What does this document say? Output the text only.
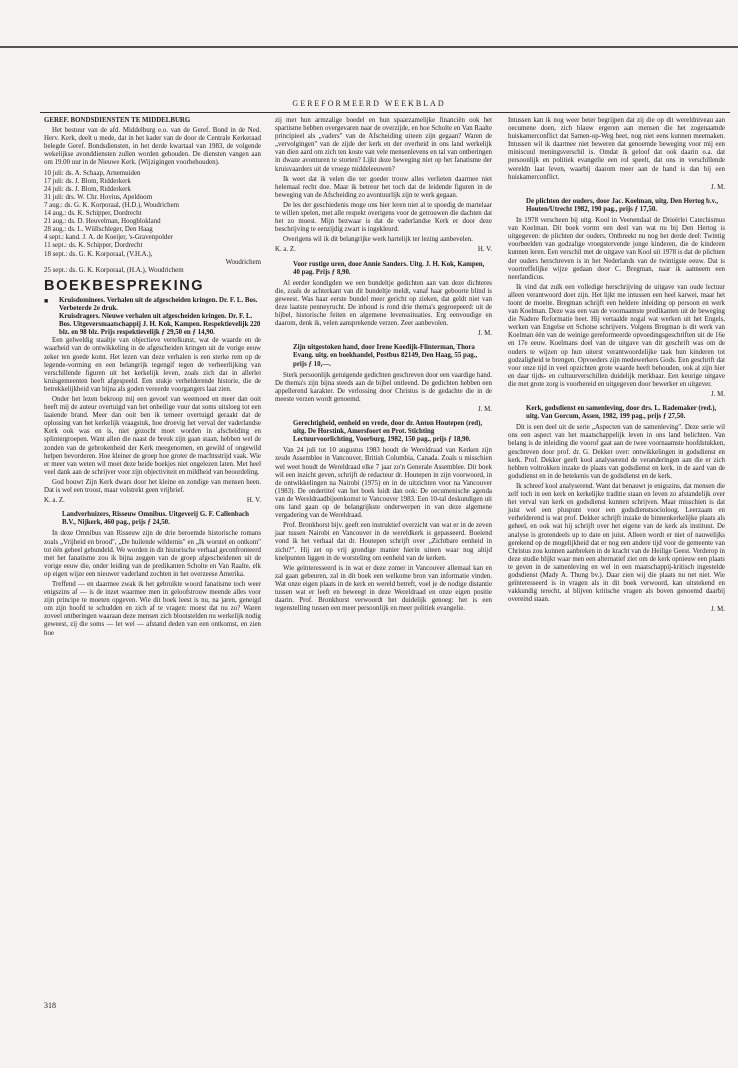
GEREFORMEERD WEEKBLAD

GEREF. BONDSDIENSTEN TE MIDDELBURG

Het bestuur van de afd. Middelburg e.o. van de Geref. Bond in de Ned. Herv. Kerk, deelt u mede, dat in het kader van de door de Centrale Kerkeraad belegde Geref. Bondsdiensten, in het derde kwartaal van 1983, de volgende wekelijkse avonddiensten zullen worden gehouden. De diensten vangen aan om 19.00 uur in de Nieuwe Kerk. (Wijzigingen voorbehouden).

10 juli: ds. A. Schaap, Arnemuiden
17 juli: ds. J. Blom, Ridderkerk
24 juli: ds. J. Blom, Ridderkerk
31 juli: drs. W. Chr. Hovius, Apeldoorn
7 aug.: ds. G. K. Korporaal, (H.D.), Woudrichem
14 aug.: ds. K. Schipper, Dordrecht
21 aug.: ds. D. Heuvelman, Hoogblokland
28 aug.: ds. L. Wüllschleger, Den Haag
4 sept.: kand. J. A. de Koeijer, 's-Gravenpolder
11 sept.: ds. K. Schipper, Dordrecht
18 sept.: ds. G. K. Korporaal, (V.H.A.),
Woudrichem
25 sept.: ds. G. K. Korporaal, (H.A.), Woudrichem
BOEKBESPREKING
■	Kruisdominees. Verhalen uit de afgescheiden kringen. Dr. F. L. Bos. Verbeterde 2e druk.

Kruisdragers. Nieuwe verhalen uit afgescheiden kringen. Dr. F. L. Bos. Uitgeversmaatschappij J. H. Kok, Kampen. Respektievelijk 220 blz. en 98 blz. Prijs respektievelijk ƒ 29,50 en ƒ 14,90.

Een gelweldig staaltje van objectieve vertelkunst, wat de waarde en de waarheid van de ontwikkeling in de afgescheiden kringen uit de vorige eeuw zeker ten goede komt. Het lezen van deze verhalen is een sterke rem op de legende-vorming en een belangrijk tegengif tegen de verheerlijking van verschillende figuren uit het kerkelijk leven, zoals zich dat in allerlei kruisgemeenten heeft afgespeeld. Een stukje verhelderende historie, die de betrekkelijkheid van bijna als goden vereerde voorgangers laat zien.

Onder het lezen bekroop mij een gevoel van weemoed en meer dan ooit heeft mij de auteur overtuigd van het onheilige vuur dat soms uitsloeg tot een laaiende brand. Meer dan ooit ben ik temeer overtuigd geraakt dat de oplossing van het kerkelijk vraagstuk, hoe droevig het verval der vaderlandse Kerk ook was en is, niet gezocht moet worden in afscheiding en splintergroepen. Want allen die naast de breuk zijn gaan staan, hebben wel de zonden van de gebrokenheid der Kerk meegenomen, en gewild of ongewild helpen bevorderen. Hoe kleiner de groep hoe groter de machtsstrijd vaak. Wie er meer van weten wil moet deze beide boekjes niet ongelezen laten. Met heel veel dank aan de schrijver voor zijn objectiviteit en mildheid van beoordeling.

God bouwt Zijn Kerk dwars door het kleine en zondige van mensen heen. Dat is wel een troost, maar volstrekt geen vrijbrief.

K. a. Z.	H. V.

Landverhuizers, Risseuw Omnibus. Uitgeverij G. F. Callenbach B.V., Nijkerk, 460 pag., prijs ƒ 24,50.

In deze Omnibus van Risseuw zijn de drie beroemde historische romans zoals „Vrijheid en brood", „De huilende wildernis" en „Ik worstel en ontkom" tot één geheel gebundeld. We worden in dit historische verhaal geconfronteerd met het fanatisme zou ik bijna zeggen van de groep afgescheidenen uit de vorige eeuw die, onder leiding van de predikanten Scholte en Van Raalte, elk op eigen wijze een nieuwer vaderland zochten in het overzeese Amerika.

Treffend — en daarmee zwak ik het gebruikte woord fanatisme toch weer enigszins af — is de inzet waarmee men in geloofstrouw meende alles voor zijn principe te moeten opgeven. Wie dit boek leest is nu, na jaren, geneigd om zijn hoofd te schudden en zich af te vragen: moest dat nu zo? Waren zoveel ontberingen waaraan deze mensen zich blootstelden nu werkelijk nodig geweest, zij die soms — let wel — afstand deden van een ontkomst, en zien hoe

zij met hun armzalige boedel en hun spaarzamelijke financiën ook het spartisme hebben overgevaren naar de overzijde, en hoe Scholte en Van Raalte principieel als „vaders" van de Afscheiding uiteen zijn gegaan? Waren de „vervolgingen" van de zijde der kerk en der overheid in ons land werkelijk van dien aard om zich ten koste van vele mensenlevens en tal van ontberingen in dwaze avonturen te storten? Lijkt deze beweging niet op het fanatisme der kruisvaarders uit de vroege middeleeuwen?

Ik weet dat ik velen die ter goeder trouw alles verlieten daarmee niet helemaal recht doe. Maar ik betreur het toch dat de leidende figuren in de beweging van de Afscheiding zo avontuurlijk zijn te werk gegaan.

De les der geschiedenis moge ons hier leren niet al te spoedig de martelaar te willen spelen, met alle respekt overigens voor de getrouwen die dachten dat het zo moest. Mijn bezwaar is dat de vaderlandse Kerk er door deze beschrijving te eenzijdig zwart is ingekleurd.

Overigens wil ik dit belangrijke werk hartelijk ter lezing aanbevelen.

K. a. Z.	H. V.

Voor rustige uren, door Annie Sanders. Uitg. J. H. Kok, Kampen, 40 pag. Prijs ƒ 8,90.

Al eerder kondigden we een bundeltje gedichten aan van deze dichteres die, zoals de achterkant van dit bundeltje meldt, vanaf haar geboorte blind is geweest. Was haar eerste bundel meer gericht op zieken, dat geldt niet van deze laatste penneyrucht. De inhoud is rond drie thema's gegroepeerd: uit de bijbel, historische feiten en algemene levenssituaties. Erg eenvoudige en daarom, denk ik, velen aansprekende verzen. Zeer aanbevolen.

J. M.

Zijn uitgestoken hand, door Irene Koedijk-Flinterman, Thora Evang. uitg. en boekhandel, Postbus 82149, Den Haag, 55 pag., prijs ƒ 10,—.

Sterk persoonlijk getuigende gedichten geschreven door een vaardige hand. De thema's zijn bijna steeds aan de bijbel ontleend. De gedichten hebben een appellerend karakter. De verlossing door Christus is de gedachte die in de meeste verzen wordt genoemd.

J. M.

Gerechtigheid, eenheid en vrede, door dr. Anton Houtepen (red), uitg. De Horstink, Amersfoort en Prot. Stichting Lectuurvoorlichting, Voorburg, 1982, 150 pag., prijs ƒ 18,90.

Van 24 juli tot 10 augustus 1983 houdt de Wereldraad van Kerken zijn zesde Assemblee in Vancouver, British Columbia, Canada. Zoals u misschien wel weet houdt de Wereldraad elke 7 jaar zo'n Generale Assemblee. Dit boek wil een inzicht geven, schrijft de redacteur dr. Houtepen in zijn voorwoord, in de ontwikkelingen na Nairobi (1975) en in de uitzichten voor na Vancouver (1983). De ondertitel van het boek luidt dan ook: De oecumenische agenda van de Wereldraadbijeenkomst te Vancouver 1983. Een 10-tal deskundigen uit ons land gaan op de belangrijkste onderwerpen in van deze algemene vergadering van de Wereldraad.

Prof. Bronkhorst bijv. geeft een instruktief overzicht van wat er in de zeven jaar tussen Nairobi en Vancouver in de wereldkerk is gepasseerd. Boeiend vond ik het verhaal dat dr. Houtepen schrijft over „Zichtbare eenheid in zicht?". Hij zet op vrij grondige manier hierin uiteen waar nog altijd knelpunten liggen in de worsteling om eenheid van de kerken.

Wie geïnteresseerd is in wat er deze zomer in Vancouver allemaal kan en zal gaan gebeuren, zal in dit boek een welkome bron van informatie vinden. Wat onze eigen plaats in de kerk en wereld betreft, voel je de nodige distantie tussen wat er leeft en beweegt in deze Wereldraad en onze eigen positie daarin. Prof. Bronkhorst verwoordt het duidelijk genoeg: het is een tegenstelling tussen een meer persoonlijk en meer politiek evangelie.

Intussen kan ik nog weer beter begrijpen dat zij die op dit wereldniveau aan oecumene doen, zich blauw ergeren aan mensen die het zogenaamde huiskamerconflict dat Samen-op-Weg heet, nog niet eens kunnen meemaken. Intussen wil ik daarmee niet beweren dat genoemde beweging voor mij een miniscuul meningsverschil is. Omdat ik geloof dat ook daarin o.a. dat persoonlijk en politiek evangelie een rol speelt, dat ons in verschillende wereldn laat leven, waarbij daarom meer aan de hand is dan bij een huiskamerconflict.

J. M.

De plichten der ouders, door Jac. Koelman, uitg. Den Hertog b.v., Houten/Utrecht 1982, 190 pag., prijs ƒ 17,50.

In 1978 verscheen bij uitg. Kool in Veenendaal de Drieërlei Catechismus van Koelman. Dit boek vormt een deel van wat nu bij Den Hertog is uitgegeven: de plichten der ouders. Ontbreekt nu nog het derde deel: Twintig voorbeelden van godzalige vroegstervende jonge kinderen, die de kinderen kunnen leren. Een verschil met de uitgave van Kool uit 1978 is dat de plichten der ouders herschreven is in het Nederlands van de twintigste eeuw. Dat is voortreffelijke wijze gedaan door C. Bregman, naar ik aanneem een neerlandicus.

Ik vind dat zulk een volledige herschrijving de uitgave van oude lectuur alleen verantwoord doet zijn. Het lijkt me intussen een heel karwei, maar het loont de moeite. Bregman schrijft een heldere inleiding op persoon en werk van Koelman. Deze was een van de voornaamste predikanten uit de beweging die Nadere Reformatie heet. Hij vertaalde nogal wat werken uit het Engels, werken van Engelse en Schotse schrijvers. Volgens Bregman is dit werk van Koelman één van de weinige gereformeerde opvoedingsgeschriften uit de 16e en 17e eeuw. Koelmans doel van de uitgave van dit geschrift was om de ouders te wijzen op hun uiterst verantwoordelijke taak hun kinderen tot godzaligheid te brengen. Opvoeders zijn medewerkers Gods. Een geschrift dat voor onze tijd in veel opzichten grote waarde heeft behouden, ook al zijn hier en daar tijds- en cultuurverschillen duidelijk merkbaar. Een keurige uitgave die met grote zorg is voorbereid en uitgegeven door bewerker en uitgever.

J. M.

Kerk, godsdienst en samenleving, door drs. L. Rademaker (red.), uitg. Van Gorcum, Assen, 1982, 199 pag., prijs ƒ 27,50.

Dit is een deel uit de serie „Aspecten van de samenleving". Deze serie wil ons een aspect van het maatschappelijk leven in ons land belichten. Van belang is de inleiding die voorof gaat aan de twee voornaamste hoofdstukken, geschreven door prof. dr. G. Dekker over: ontwikkelingen in godsdienst en kerk. Prof. Dekker geeft kool analyserend de veranderingen aan die er zich hebben voltrokken inzake de plaats van godsdienst en kerk, in de aard van de godsdienst en in de betekenis van de godsdienst en de kerk.

Ik schreef kool analyserend. Want dat benauwt je enigszins, dat mensen die zelf toch in een kerk en kerkelijke traditie staan en leven zo afstandelijk over het verval van kerk en godsdienst kunnen schrijven. Maar misschien is dat juist wel een pluspunt voor een godsdienstsocioloog. Leerzaam en verhelderend is wat prof. Dekker schrijft inzake de binnenkerkelijke plaats als geheel, en ook wat hij schrijft over het eigene van de kerk als instituut. De analyse is grotendeels up to date en juist. Alleen wordt er niet of nauwelijks gerekend op de mogelijkheid dat er nog een andere tijd voor de gemeente van Christus zou kunnen aanbreken in de kracht van de Heilige Geest. Verderop in deze studie blijkt waar men een alternatief ziet om de kerk opnieuw een plaats te geven in de samenleving en wel in een maatschappij-kritisch ingestelde godsdienst (Mady A. Thung bv.). Daar zien wij die plaats nu net niet. Wie geïnteresseerd is in vragen als in dit boek verwoord, kan uitstekend en vakkundig terecht, al blijven kritische vragen als boven genoemd daarbij overeind staan.

J. M.
318
